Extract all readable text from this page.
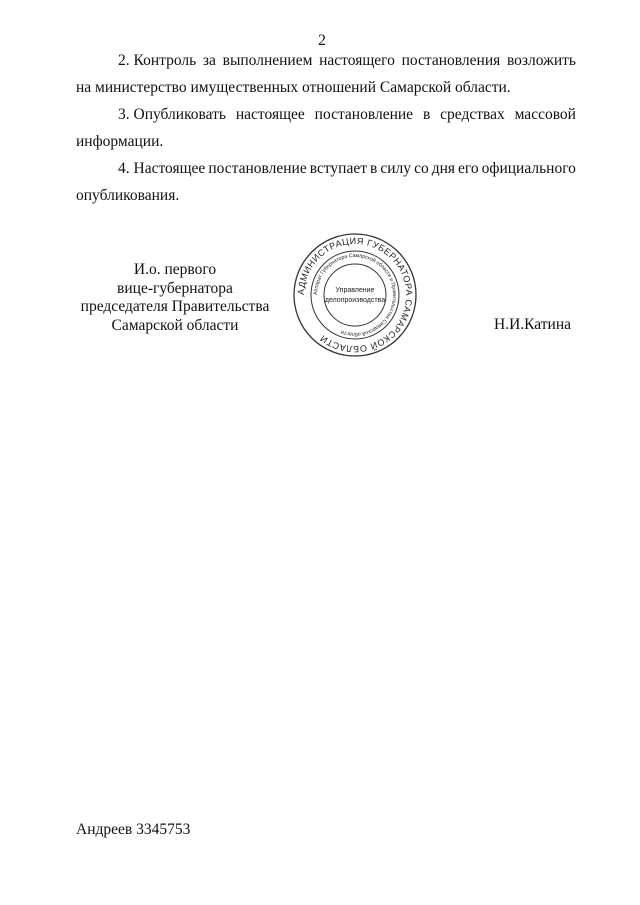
2
2. Контроль за выполнением настоящего постановления возложить
на министерство имущественных отношений Самарской области.
3. Опубликовать настоящее постановление в средствах массовой
информации.
4. Настоящее постановление вступает в силу со дня его официального
опубликования.
И.о. первого
вице-губернатора
председателя Правительства
Самарской области	Н.И.Катина
АДМИНИСТРАЦИЯ ГУБЕРНАТОРА САМАРСКОЙ ОБЛАСТИ
Аппарат Губернатора Самарской области и Правительства Самарской области
Управление
делопроизводства
Андреев 3345753
